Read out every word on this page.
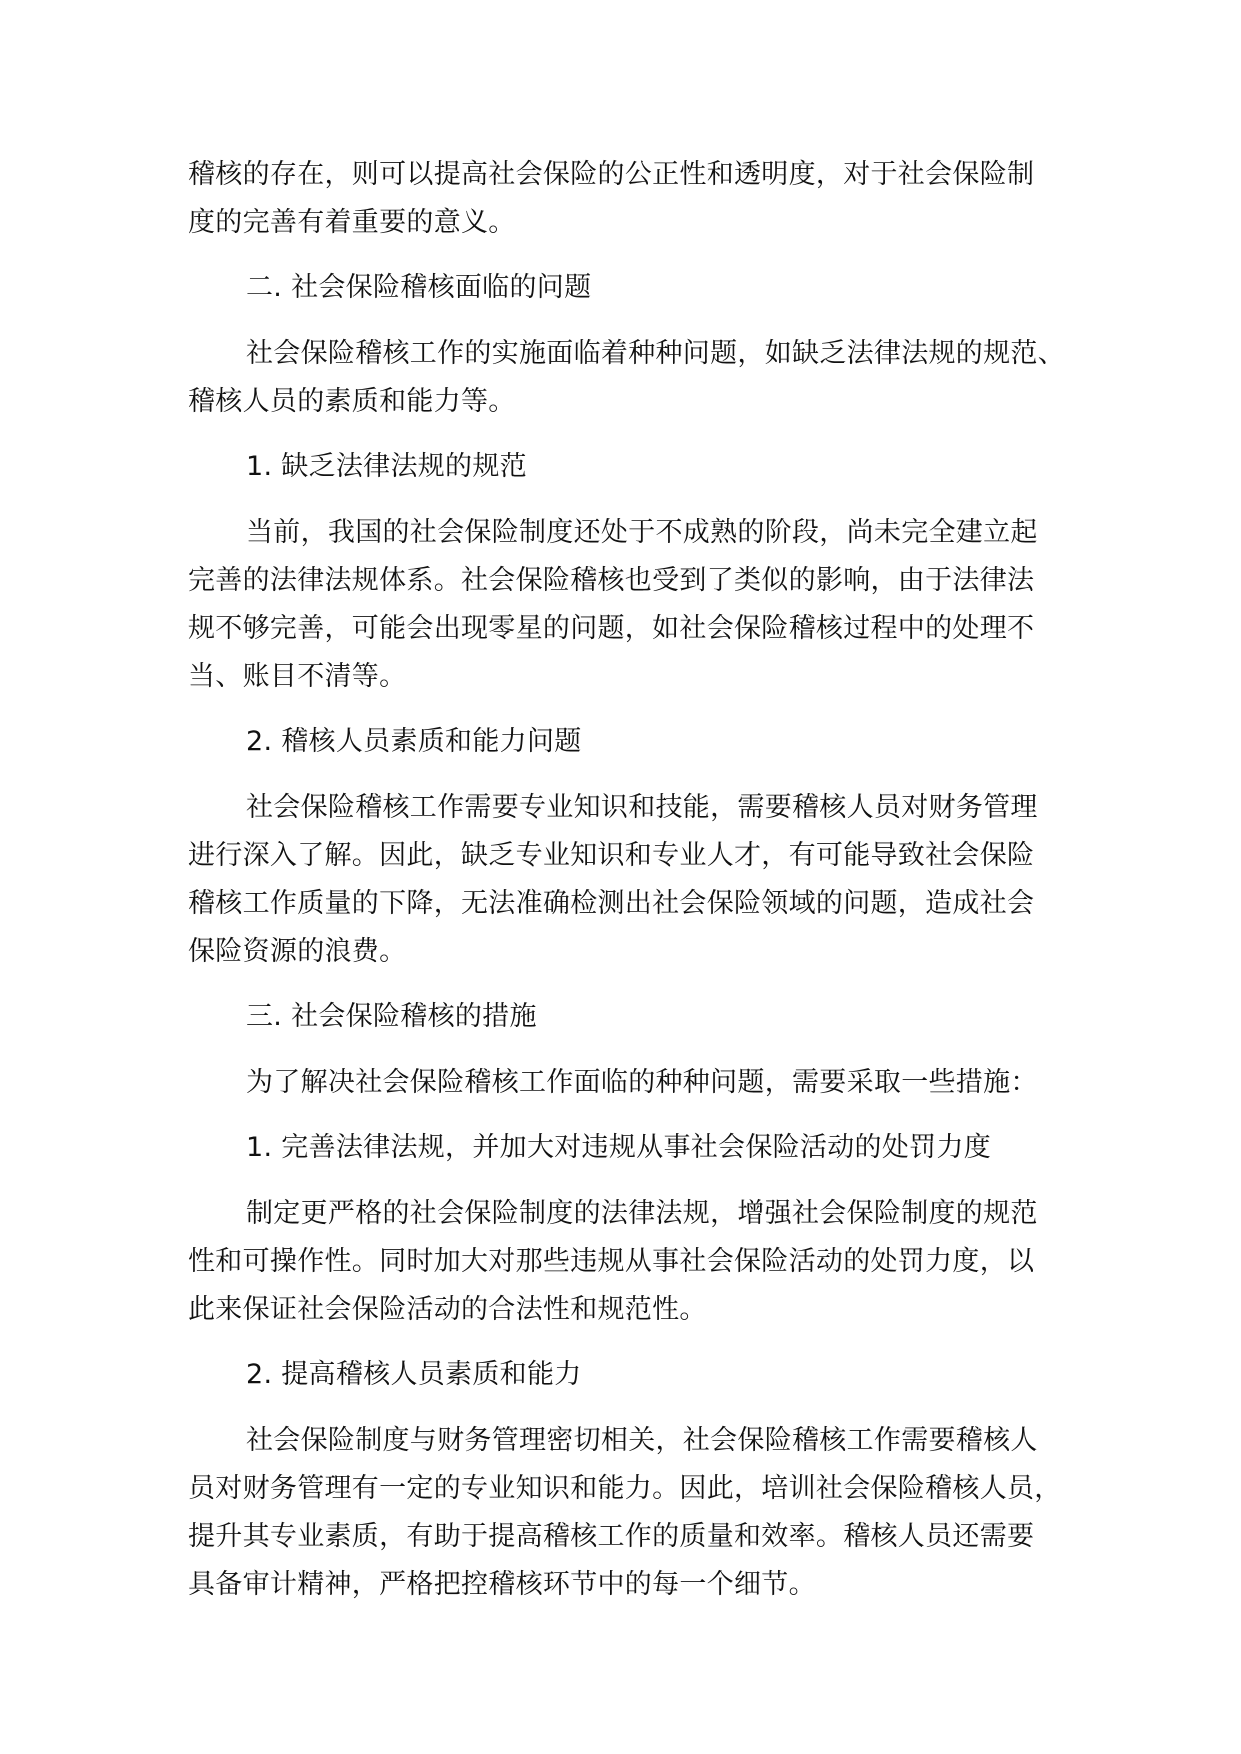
稽核的存在，则可以提高社会保险的公正性和透明度，对于社会保险制

度的完善有着重要的意义。

二. 社会保险稽核面临的问题

社会保险稽核工作的实施面临着种种问题，如缺乏法律法规的规范、

稽核人员的素质和能力等。

1. 缺乏法律法规的规范

当前，我国的社会保险制度还处于不成熟的阶段，尚未完全建立起

完善的法律法规体系。社会保险稽核也受到了类似的影响，由于法律法

规不够完善，可能会出现零星的问题，如社会保险稽核过程中的处理不

当、账目不清等。

2. 稽核人员素质和能力问题

社会保险稽核工作需要专业知识和技能，需要稽核人员对财务管理

进行深入了解。因此，缺乏专业知识和专业人才，有可能导致社会保险

稽核工作质量的下降，无法准确检测出社会保险领域的问题，造成社会

保险资源的浪费。

三. 社会保险稽核的措施

为了解决社会保险稽核工作面临的种种问题，需要采取一些措施：

1. 完善法律法规，并加大对违规从事社会保险活动的处罚力度

制定更严格的社会保险制度的法律法规，增强社会保险制度的规范

性和可操作性。同时加大对那些违规从事社会保险活动的处罚力度，以

此来保证社会保险活动的合法性和规范性。

2. 提高稽核人员素质和能力

社会保险制度与财务管理密切相关，社会保险稽核工作需要稽核人

员对财务管理有一定的专业知识和能力。因此，培训社会保险稽核人员，

提升其专业素质，有助于提高稽核工作的质量和效率。稽核人员还需要

具备审计精神，严格把控稽核环节中的每一个细节。
